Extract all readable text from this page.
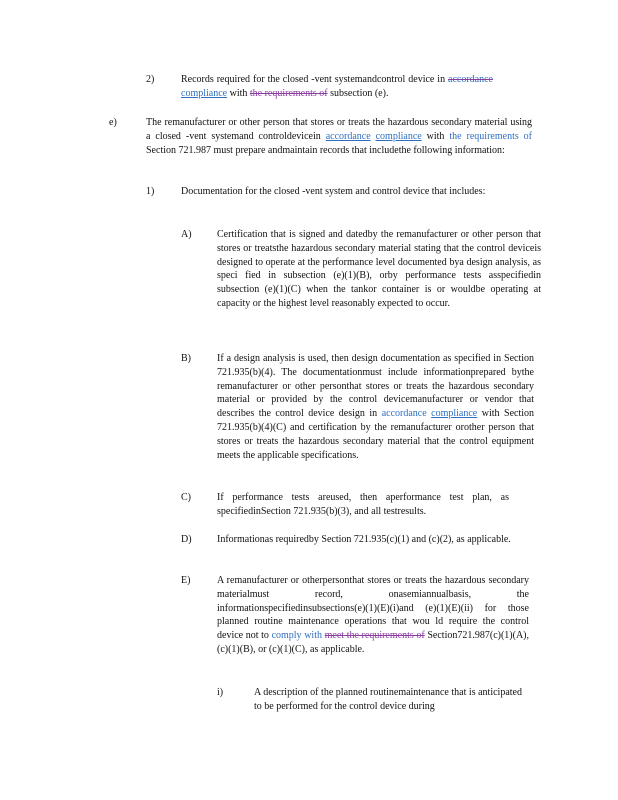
2)	Records required for the closed -vent systemandcontrol device in accordance compliance with the requirements of subsection (e).

e)	The remanufacturer or other person that stores or treats the hazardous secondary material using a closed -vent systemand controldevicein accordance compliance with the requirements of Section 721.987 must prepare andmaintain records that includethe following information:

1)	Documentation for the closed -vent system and control device that includes:

A)	Certification that is signed and datedby the remanufacturer or other person that stores or treatsthe hazardous secondary material stating that the control deviceis designed to operate at the performance level documented bya design analysis, as speci fied in subsection (e)(1)(B), orby performance tests asspecifiedin subsection (e)(1)(C) when the tankor container is or wouldbe operating at capacity or the highest level reasonably expected to occur.

B)	If a design analysis is used, then design documentation as specified in Section 721.935(b)(4). The documentationmust include informationprepared bythe remanufacturer or other personthat stores or treats the hazardous secondary material or provided by the control devicemanufacturer or vendor that describes the control device design in accordance compliance with Section 721.935(b)(4)(C) and certification by the remanufacturer orother person that stores or treats the hazardous secondary material that the control equipment meets the applicable specifications.

C)	If performance tests areused, then aperformance test plan, as specifiedinSection 721.935(b)(3), and all testresults.

D)	Informationas requiredby Section 721.935(c)(1) and (c)(2), as applicable.

E)	A remanufacturer or otherpersonthat stores or treats the hazardous secondary materialmust record, onasemiannualbasis, the informationspecifiedinsubsections(e)(1)(E)(i)and (e)(1)(E)(ii) for those planned routine maintenance operations that wou ld require the control device not to comply with meet the requirements of Section721.987(c)(1)(A), (c)(1)(B), or (c)(1)(C), as applicable.

i)	A description of the planned routinemaintenance that is anticipated to be performed for the control device during
